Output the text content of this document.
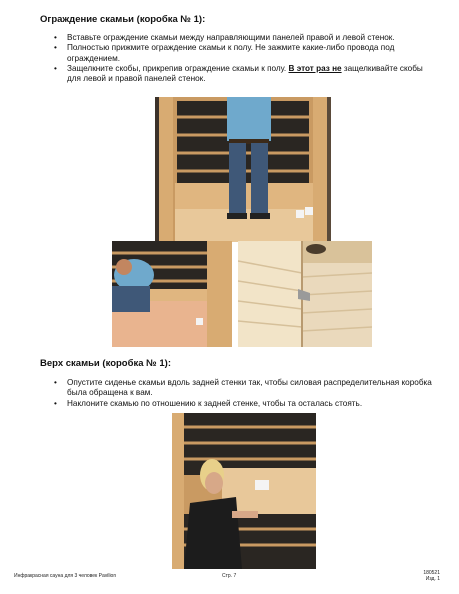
Ограждение скамьи (коробка № 1):
• Вставьте ограждение скамьи между направляющими панелей правой и левой стенок.
• Полностью прижмите ограждение скамьи к полу. Не зажмите какие-либо провода под ограждением.
• Защелкните скобы, прикрепив ограждение скамьи к полу. В этот раз не защелкивайте скобы для левой и правой панелей стенок.
Верх скамьи (коробка № 1):
• Опустите сиденье скамьи вдоль задней стенки так, чтобы силовая распределительная коробка была обращена к вам.
• Наклоните скамью по отношению к задней стенке, чтобы та осталась стоять.
Инфракрасная сауна для 3 человек Pavilion	Стр. 7	180521
Изд. 1
